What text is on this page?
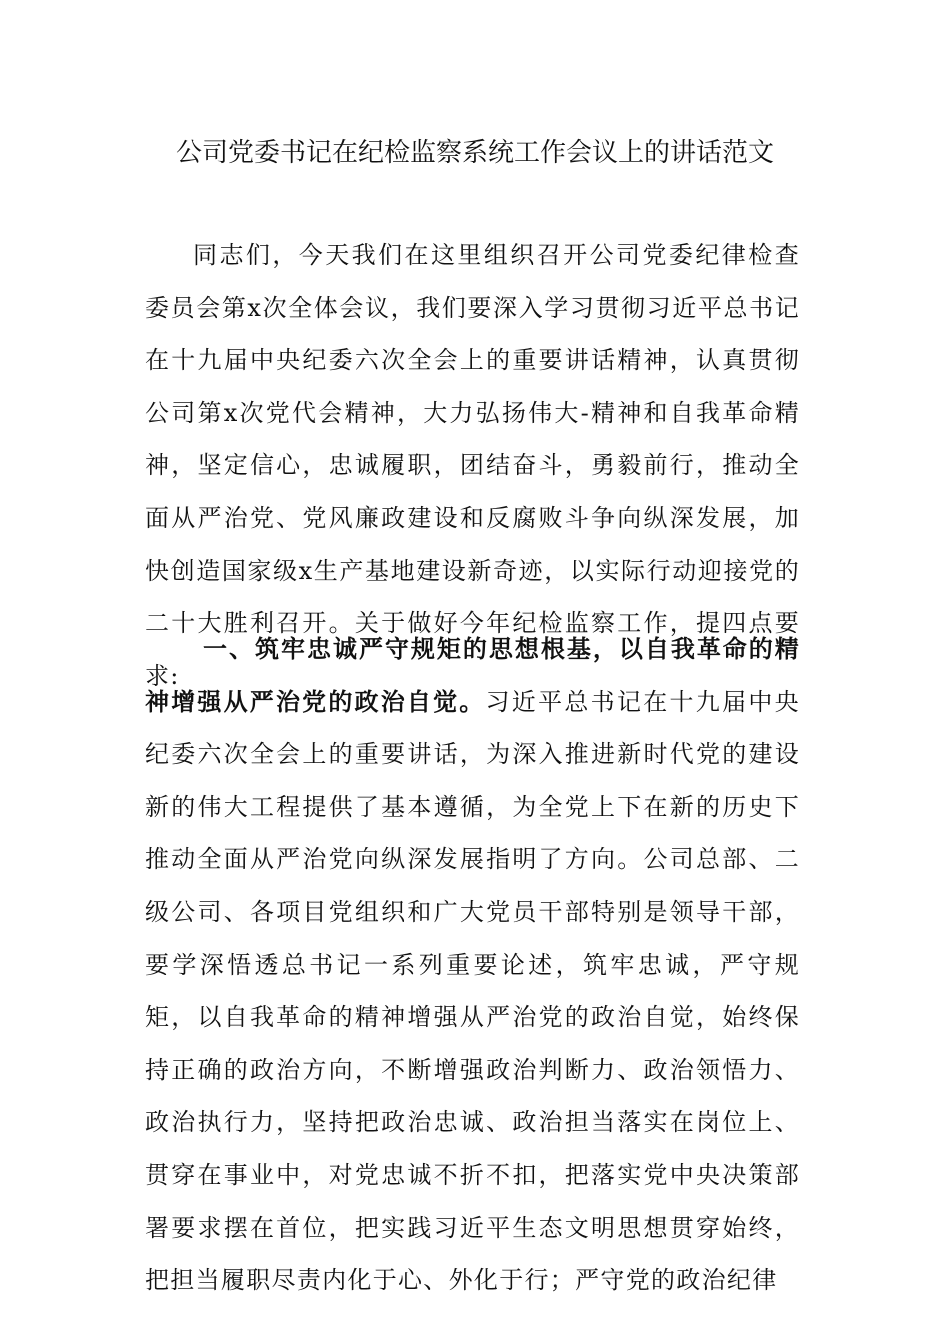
公司党委书记在纪检监察系统工作会议上的讲话范文

同志们，今天我们在这里组织召开公司党委纪律检查委员会第x次全体会议，我们要深入学习贯彻习近平总书记在十九届中央纪委六次全会上的重要讲话精神，认真贯彻公司第x次党代会精神，大力弘扬伟大-精神和自我革命精神，坚定信心，忠诚履职，团结奋斗，勇毅前行，推动全面从严治党、党风廉政建设和反腐败斗争向纵深发展，加快创造国家级x生产基地建设新奇迹，以实际行动迎接党的二十大胜利召开。关于做好今年纪检监察工作，提四点要求:

一、筑牢忠诚严守规矩的思想根基，以自我革命的精神增强从严治党的政治自觉。习近平总书记在十九届中央纪委六次全会上的重要讲话，为深入推进新时代党的建设新的伟大工程提供了基本遵循，为全党上下在新的历史下推动全面从严治党向纵深发展指明了方向。公司总部、二级公司、各项目党组织和广大党员干部特别是领导干部，要学深悟透总书记一系列重要论述，筑牢忠诚，严守规矩，以自我革命的精神增强从严治党的政治自觉，始终保持正确的政治方向，不断增强政治判断力、政治领悟力、政治执行力，坚持把政治忠诚、政治担当落实在岗位上、贯穿在事业中，对党忠诚不折不扣，把落实党中央决策部署要求摆在首位，把实践习近平生态文明思想贯穿始终，把担当履职尽责内化于心、外化于行；严守党的政治纪律
